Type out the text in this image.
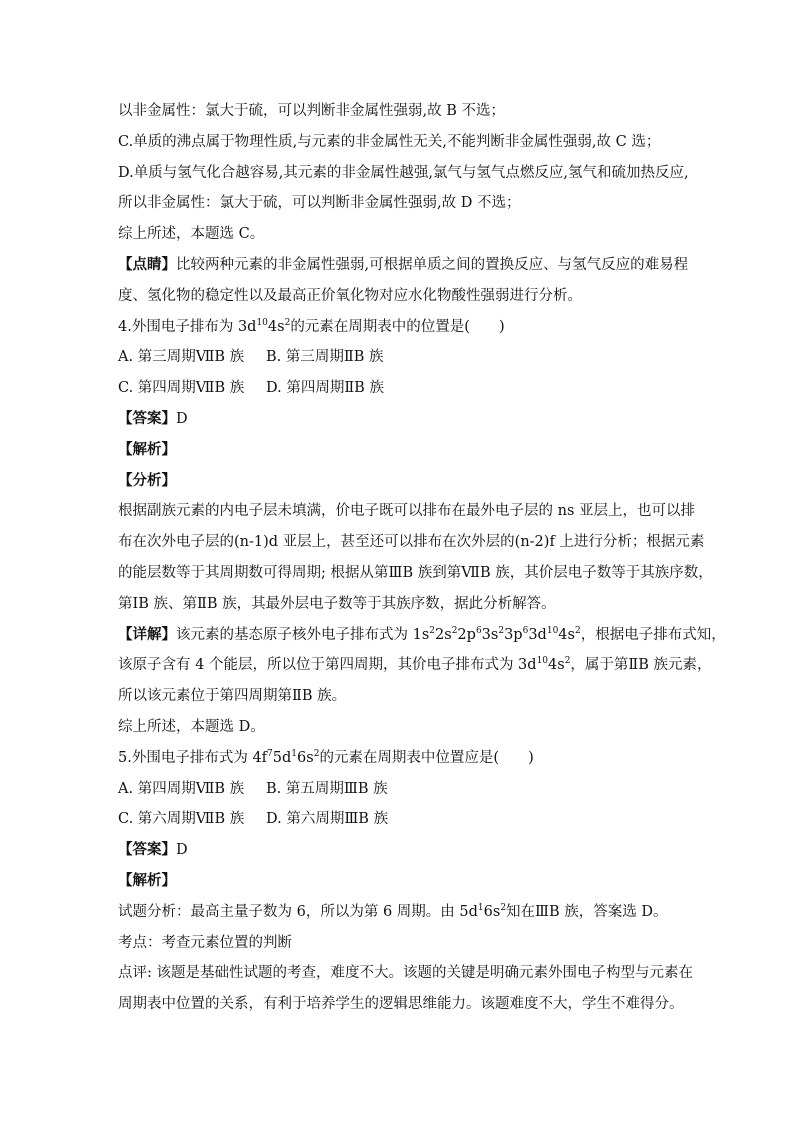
以非金属性：氯大于硫，可以判断非金属性强弱,故 B 不选；
C.单质的沸点属于物理性质,与元素的非金属性无关,不能判断非金属性强弱,故 C 选；
D.单质与氢气化合越容易,其元素的非金属性越强,氯气与氢气点燃反应,氢气和硫加热反应,
所以非金属性：氯大于硫，可以判断非金属性强弱,故 D 不选；
综上所述，本题选 C。
【点睛】比较两种元素的非金属性强弱,可根据单质之间的置换反应、与氢气反应的难易程
度、氢化物的稳定性以及最高正价氧化物对应水化物酸性强弱进行分析。
4.外围电子排布为 $3d^{10}4s^2$的元素在周期表中的位置是(　　)
A. 第三周期ⅦB 族 B. 第三周期ⅡB 族
C. 第四周期ⅦB 族 D. 第四周期ⅡB 族
【答案】D
【解析】
【分析】
根据副族元素的内电子层未填满，价电子既可以排布在最外电子层的 ns 亚层上，也可以排
布在次外电子层的(n-1)d 亚层上，甚至还可以排布在次外层的(n-2)f 上进行分析；根据元素
的能层数等于其周期数可得周期; 根据从第ⅢB 族到第ⅦB 族，其价层电子数等于其族序数，
第ⅠB 族、第ⅡB 族，其最外层电子数等于其族序数，据此分析解答。
【详解】该元素的基态原子核外电子排布式为 $1s^22s^22p^63s^23p^63d^{10}4s^2$，根据电子排布式知，
该原子含有 4 个能层，所以位于第四周期，其价电子排布式为 $3d^{10}4s^2$，属于第ⅡB 族元素，
所以该元素位于第四周期第ⅡB 族。
综上所述，本题选 D。
5.外围电子排布式为 $4f^75d^16s^2$的元素在周期表中位置应是(　　)
A. 第四周期ⅦB 族 B. 第五周期ⅢB 族
C. 第六周期ⅦB 族 D. 第六周期ⅢB 族
【答案】D
【解析】
试题分析：最高主量子数为 6，所以为第 6 周期。由 $5d^16s^2$知在ⅢB 族，答案选 D。
考点：考查元素位置的判断
点评: 该题是基础性试题的考查，难度不大。该题的关键是明确元素外围电子构型与元素在
周期表中位置的关系，有利于培养学生的逻辑思维能力。该题难度不大，学生不难得分。
